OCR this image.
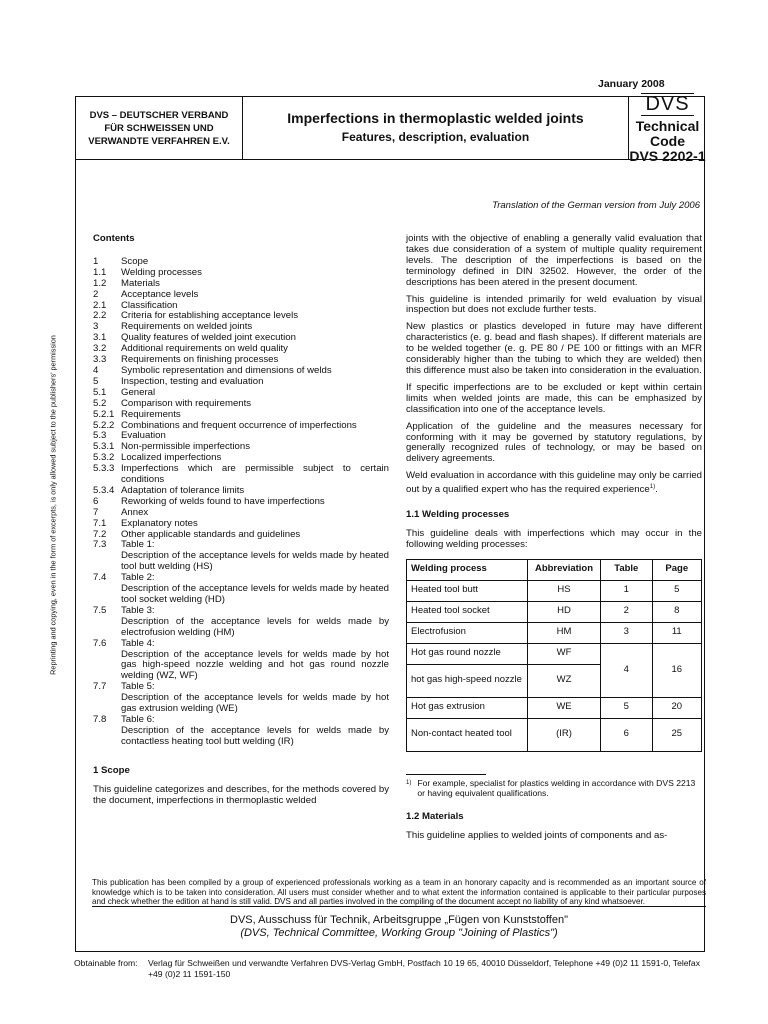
January 2008
DVS – DEUTSCHER VERBAND
FÜR SCHWEISSEN UND
VERWANDTE VERFAHREN E.V.
Imperfections in thermoplastic welded joints
Features, description, evaluation
DVS
Technical Code
DVS 2202-1
Translation of the German version from July 2006
Reprinting and copying, even in the form of excerpts, is only allowed subject to the publishers' permission
Contents
1	Scope
1.1	Welding processes
1.2	Materials
2	Acceptance levels
2.1	Classification
2.2	Criteria for establishing acceptance levels
3	Requirements on welded joints
3.1	Quality features of welded joint execution
3.2	Additional requirements on weld quality
3.3	Requirements on finishing processes
4	Symbolic representation and dimensions of welds
5	Inspection, testing and evaluation
5.1	General
5.2	Comparison with requirements
5.2.1 Requirements
5.2.2 Combinations and frequent occurrence of imperfections
5.3	Evaluation
5.3.1 Non-permissible imperfections
5.3.2 Localized imperfections
5.3.3 Imperfections which are permissible subject to certain conditions
5.3.4 Adaptation of tolerance limits
6	Reworking of welds found to have imperfections
7	Annex
7.1	Explanatory notes
7.2	Other applicable standards and guidelines
7.3	Table 1:
Description of the acceptance levels for welds made by heated tool butt welding (HS)
7.4	Table 2:
Description of the acceptance levels for welds made by heated tool socket welding (HD)
7.5	Table 3:
Description of the acceptance levels for welds made by electrofusion welding (HM)
7.6	Table 4:
Description of the acceptance levels for welds made by hot gas high-speed nozzle welding and hot gas round nozzle welding (WZ, WF)
7.7	Table 5:
Description of the acceptance levels for welds made by hot gas extrusion welding (WE)
7.8	Table 6:
Description of the acceptance levels for welds made by contactless heating tool butt welding (IR)
1 Scope
This guideline categorizes and describes, for the methods covered by the document, imperfections in thermoplastic welded
joints with the objective of enabling a generally valid evaluation that takes due consideration of a system of multiple quality requirement levels. The description of the imperfections is based on the terminology defined in DIN 32502. However, the order of the descriptions has been atered in the present document.
This guideline is intended primarily for weld evaluation by visual inspection but does not exclude further tests.
New plastics or plastics developed in future may have different characteristics (e. g. bead and flash shapes). If different materials are to be welded together (e. g. PE 80 / PE 100 or fittings with an MFR considerably higher than the tubing to which they are welded) then this difference must also be taken into consideration in the evaluation.
If specific imperfections are to be excluded or kept within certain limits when welded joints are made, this can be emphasized by classification into one of the acceptance levels.
Application of the guideline and the measures necessary for conforming with it may be governed by statutory regulations, by generally recognized rules of technology, or may be based on delivery agreements.
Weld evaluation in accordance with this guideline may only be carried out by a qualified expert who has the required experience$^{1)}$.
1.1 Welding processes
This guideline deals with imperfections which may occur in the following welding processes:
Welding process	Abbreviation	Table	Page
Heated tool butt	HS	1	5
Heated tool socket	HD	2	8
Electrofusion	HM	3	11
Hot gas round nozzle	WF	4	16
hot gas high-speed nozzle	WZ		
Hot gas extrusion	WE	5	20
Non-contact heated tool	(IR)	6	25
1) For example, specialist for plastics welding in accordance with DVS 2213 or having equivalent qualifications.
1.2 Materials
This guideline applies to welded joints of components and as-
This publication has been compiled by a group of experienced professionals working as a team in an honorary capacity and is recommended as an important source of knowledge which is to be taken into consideration. All users must consider whether and to what extent the information contained is applicable to their particular purposes and check whether the edition at hand is still valid. DVS and all parties involved in the compiling of the document accept no liability of any kind whatsoever.
DVS, Ausschuss für Technik, Arbeitsgruppe „Fügen von Kunststoffen"
(DVS, Technical Committee, Working Group "Joining of Plastics")
Obtainable from:	Verlag für Schweißen und verwandte Verfahren DVS-Verlag GmbH, Postfach 10 19 65, 40010 Düsseldorf, Telephone +49 (0)2 11 1591-0, Telefax +49 (0)2 11 1591-150
